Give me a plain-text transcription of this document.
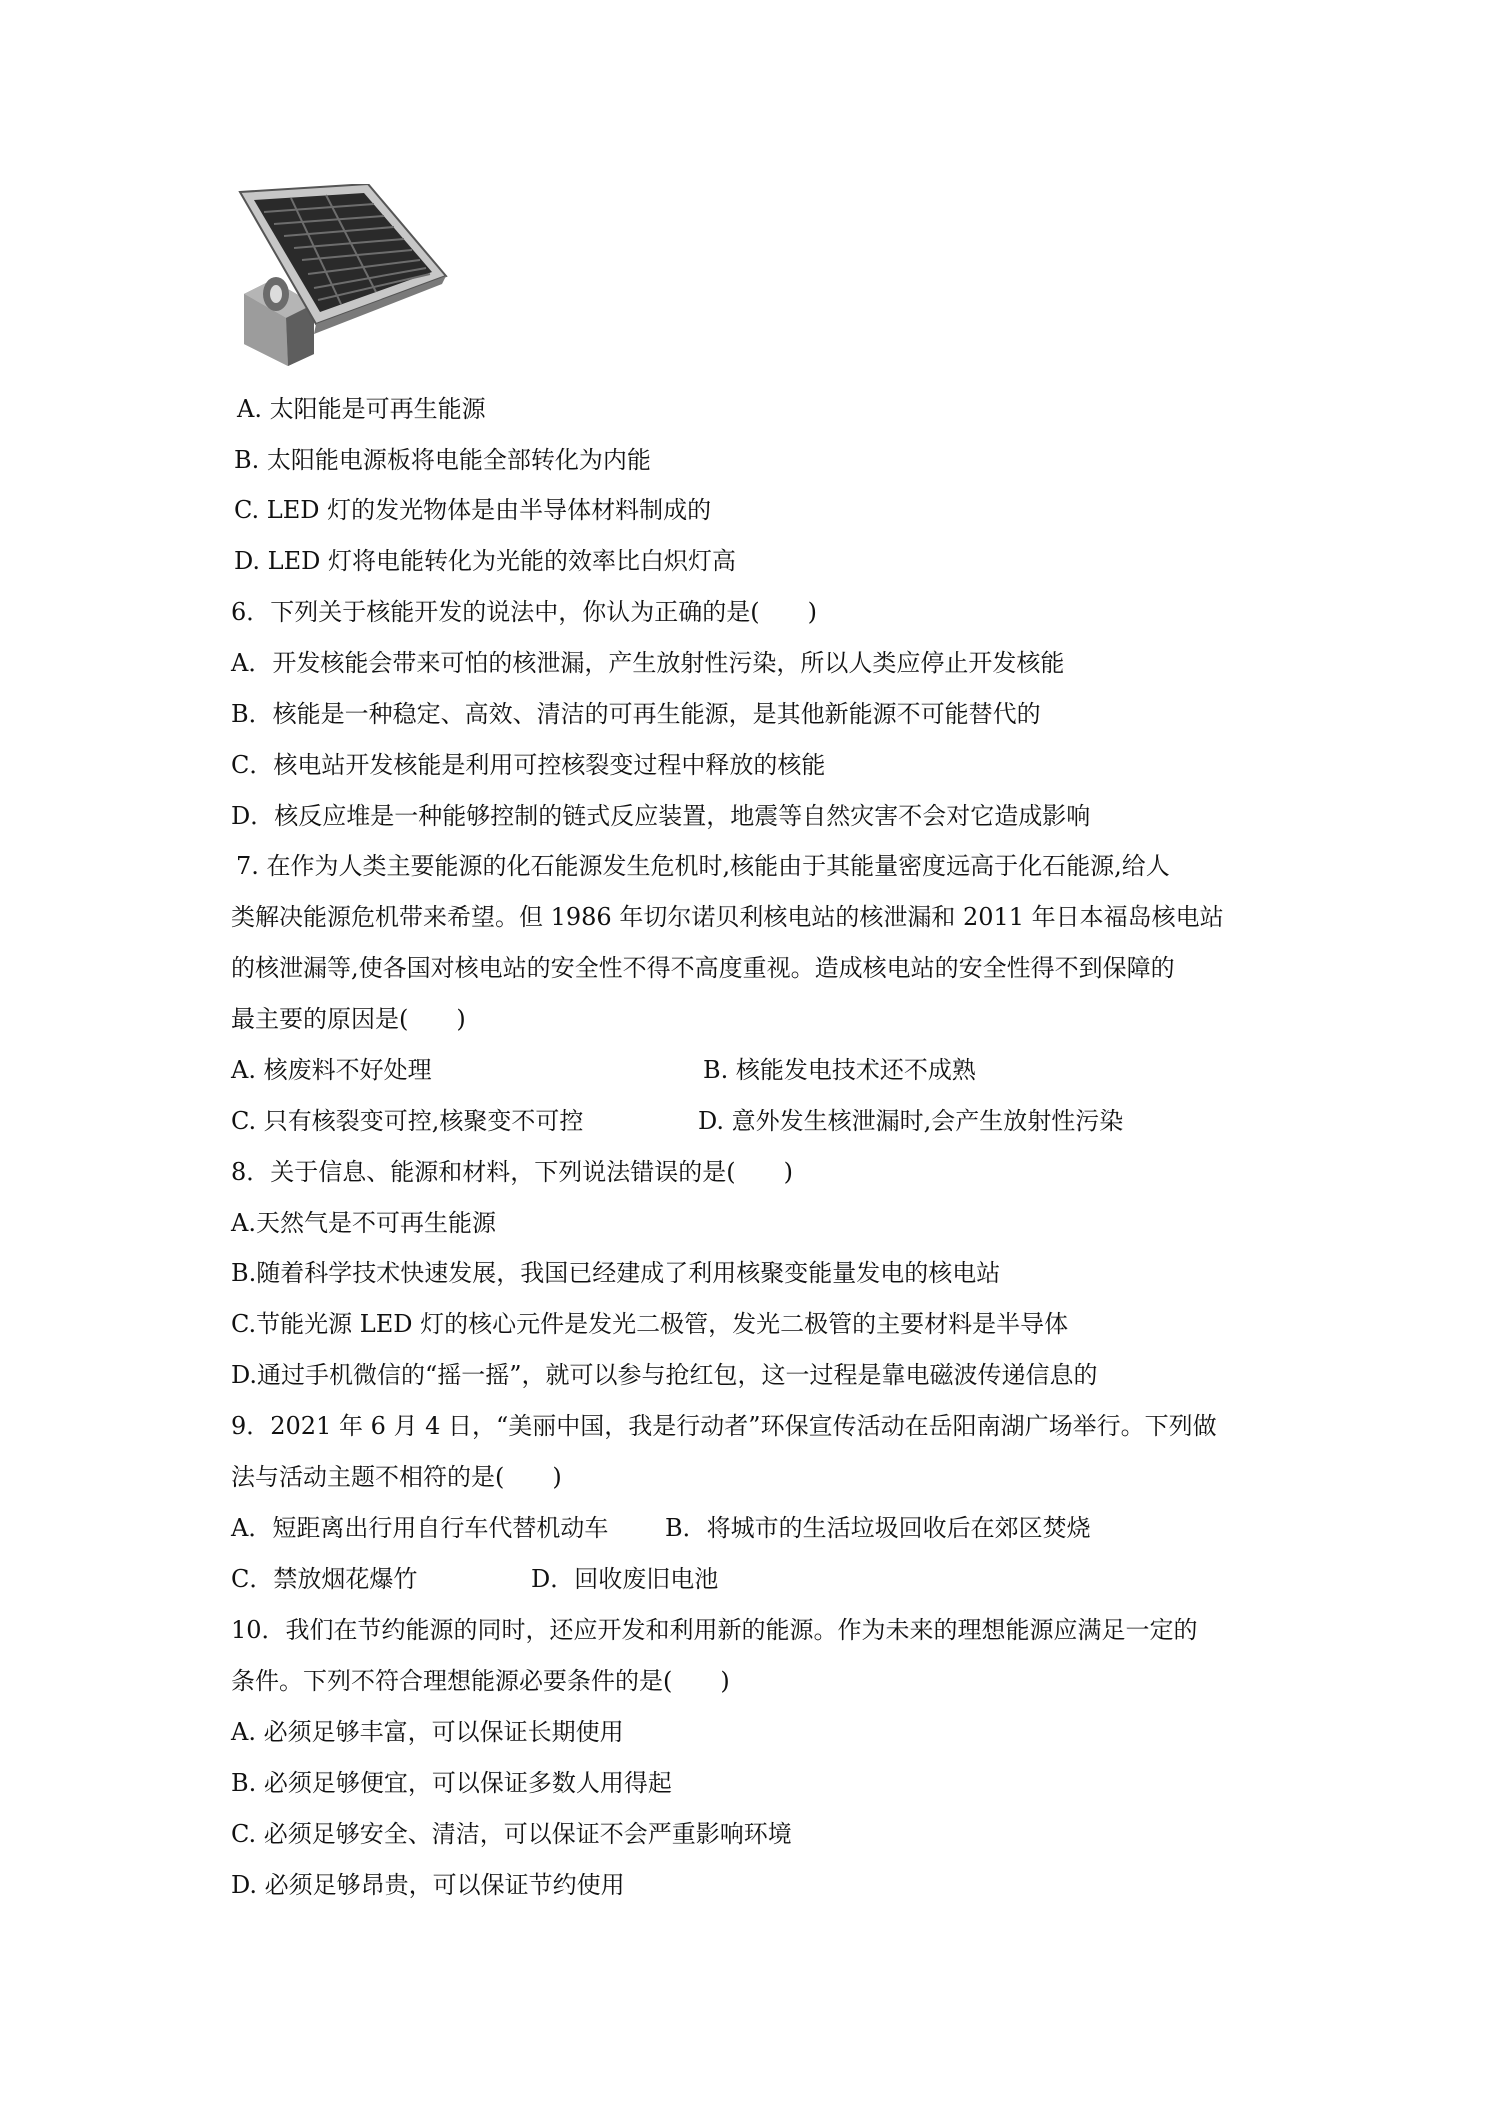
A. 太阳能是可再生能源
B. 太阳能电源板将电能全部转化为内能
C. LED 灯的发光物体是由半导体材料制成的
D. LED 灯将电能转化为光能的效率比白炽灯高
6．下列关于核能开发的说法中，你认为正确的是(　　)
A．开发核能会带来可怕的核泄漏，产生放射性污染，所以人类应停止开发核能
B．核能是一种稳定、高效、清洁的可再生能源，是其他新能源不可能替代的
C．核电站开发核能是利用可控核裂变过程中释放的核能
D．核反应堆是一种能够控制的链式反应装置，地震等自然灾害不会对它造成影响
7. 在作为人类主要能源的化石能源发生危机时,核能由于其能量密度远高于化石能源,给人
类解决能源危机带来希望。但 1986 年切尔诺贝利核电站的核泄漏和 2011 年日本福岛核电站
的核泄漏等,使各国对核电站的安全性不得不高度重视。造成核电站的安全性得不到保障的
最主要的原因是(　　)
A. 核废料不好处理	B. 核能发电技术还不成熟
C. 只有核裂变可控,核聚变不可控	D. 意外发生核泄漏时,会产生放射性污染
8．关于信息、能源和材料，下列说法错误的是(　　)
A.天然气是不可再生能源
B.随着科学技术快速发展，我国已经建成了利用核聚变能量发电的核电站
C.节能光源 LED 灯的核心元件是发光二极管，发光二极管的主要材料是半导体
D.通过手机微信的“摇一摇”，就可以参与抢红包，这一过程是靠电磁波传递信息的
9．2021 年 6 月 4 日，“美丽中国，我是行动者”环保宣传活动在岳阳南湖广场举行。下列做
法与活动主题不相符的是(　　)
A．短距离出行用自行车代替机动车 B．将城市的生活垃圾回收后在郊区焚烧
C．禁放烟花爆竹	D．回收废旧电池
10．我们在节约能源的同时，还应开发和利用新的能源。作为未来的理想能源应满足一定的
条件。下列不符合理想能源必要条件的是(　　)
A. 必须足够丰富，可以保证长期使用
B. 必须足够便宜，可以保证多数人用得起
C. 必须足够安全、清洁，可以保证不会严重影响环境
D. 必须足够昂贵，可以保证节约使用
